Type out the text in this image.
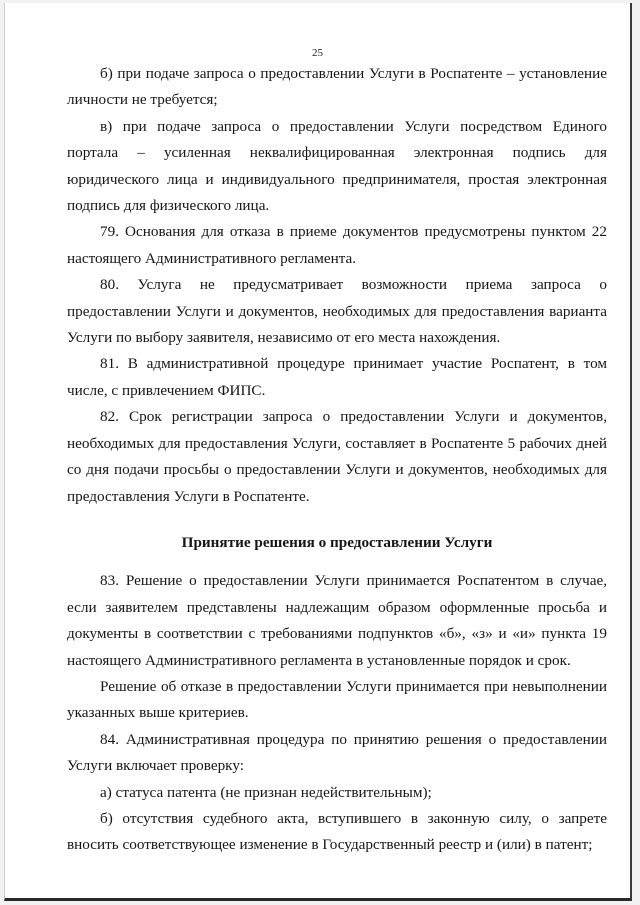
25

б) при подаче запроса о предоставлении Услуги в Роспатенте – установление личности не требуется;

в) при подаче запроса о предоставлении Услуги посредством Единого портала – усиленная неквалифицированная электронная подпись для юридического лица и индивидуального предпринимателя, простая электронная подпись для физического лица.

79. Основания для отказа в приеме документов предусмотрены пунктом 22 настоящего Административного регламента.

80. Услуга не предусматривает возможности приема запроса о предоставлении Услуги и документов, необходимых для предоставления варианта Услуги по выбору заявителя, независимо от его места нахождения.

81. В административной процедуре принимает участие Роспатент, в том числе, с привлечением ФИПС.

82. Срок регистрации запроса о предоставлении Услуги и документов, необходимых для предоставления Услуги, составляет в Роспатенте 5 рабочих дней со дня подачи просьбы о предоставлении Услуги и документов, необходимых для предоставления Услуги в Роспатенте.

Принятие решения о предоставлении Услуги

83. Решение о предоставлении Услуги принимается Роспатентом в случае, если заявителем представлены надлежащим образом оформленные просьба и документы в соответствии с требованиями подпунктов «б», «з» и «и» пункта 19 настоящего Административного регламента в установленные порядок и срок.

Решение об отказе в предоставлении Услуги принимается при невыполнении указанных выше критериев.

84. Административная процедура по принятию решения о предоставлении Услуги включает проверку:

а) статуса патента (не признан недействительным);

б) отсутствия судебного акта, вступившего в законную силу, о запрете вносить соответствующее изменение в Государственный реестр и (или) в патент;
